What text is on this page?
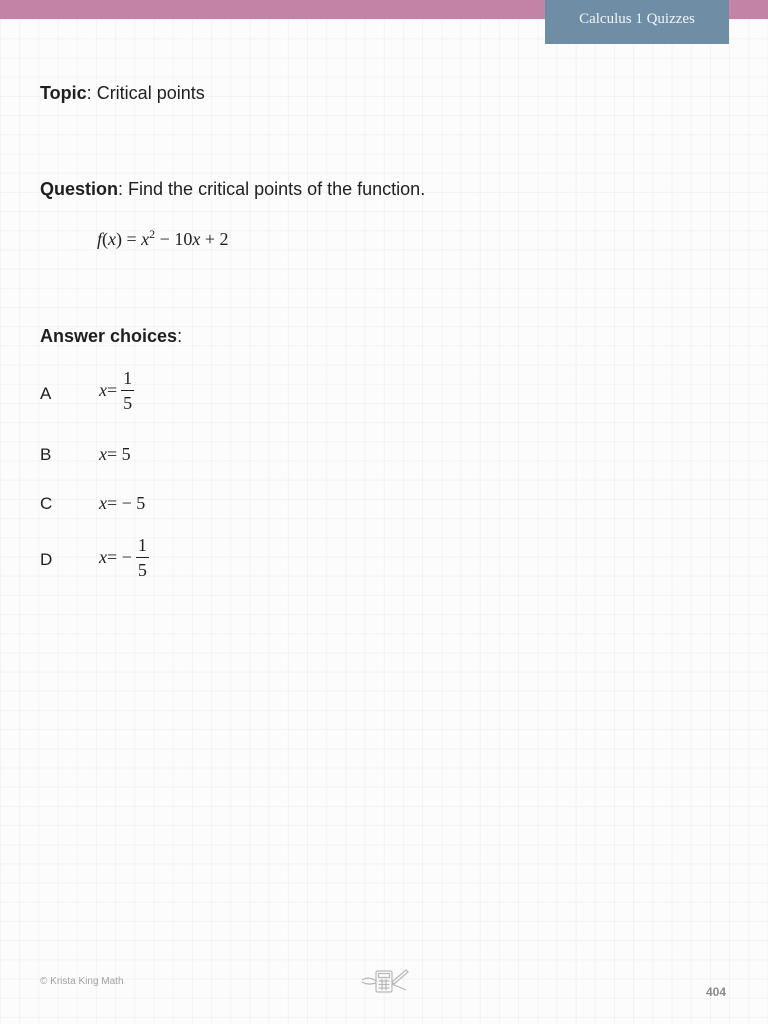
Calculus 1 Quizzes
Topic: Critical points
Question: Find the critical points of the function.
$f(x) = x^2 - 10x + 2$
Answer choices:
A	$x = \frac{1}{5}$
B	x = 5
C	x = − 5
D	x = − $\frac{1}{5}$
© Krista King Math
404
